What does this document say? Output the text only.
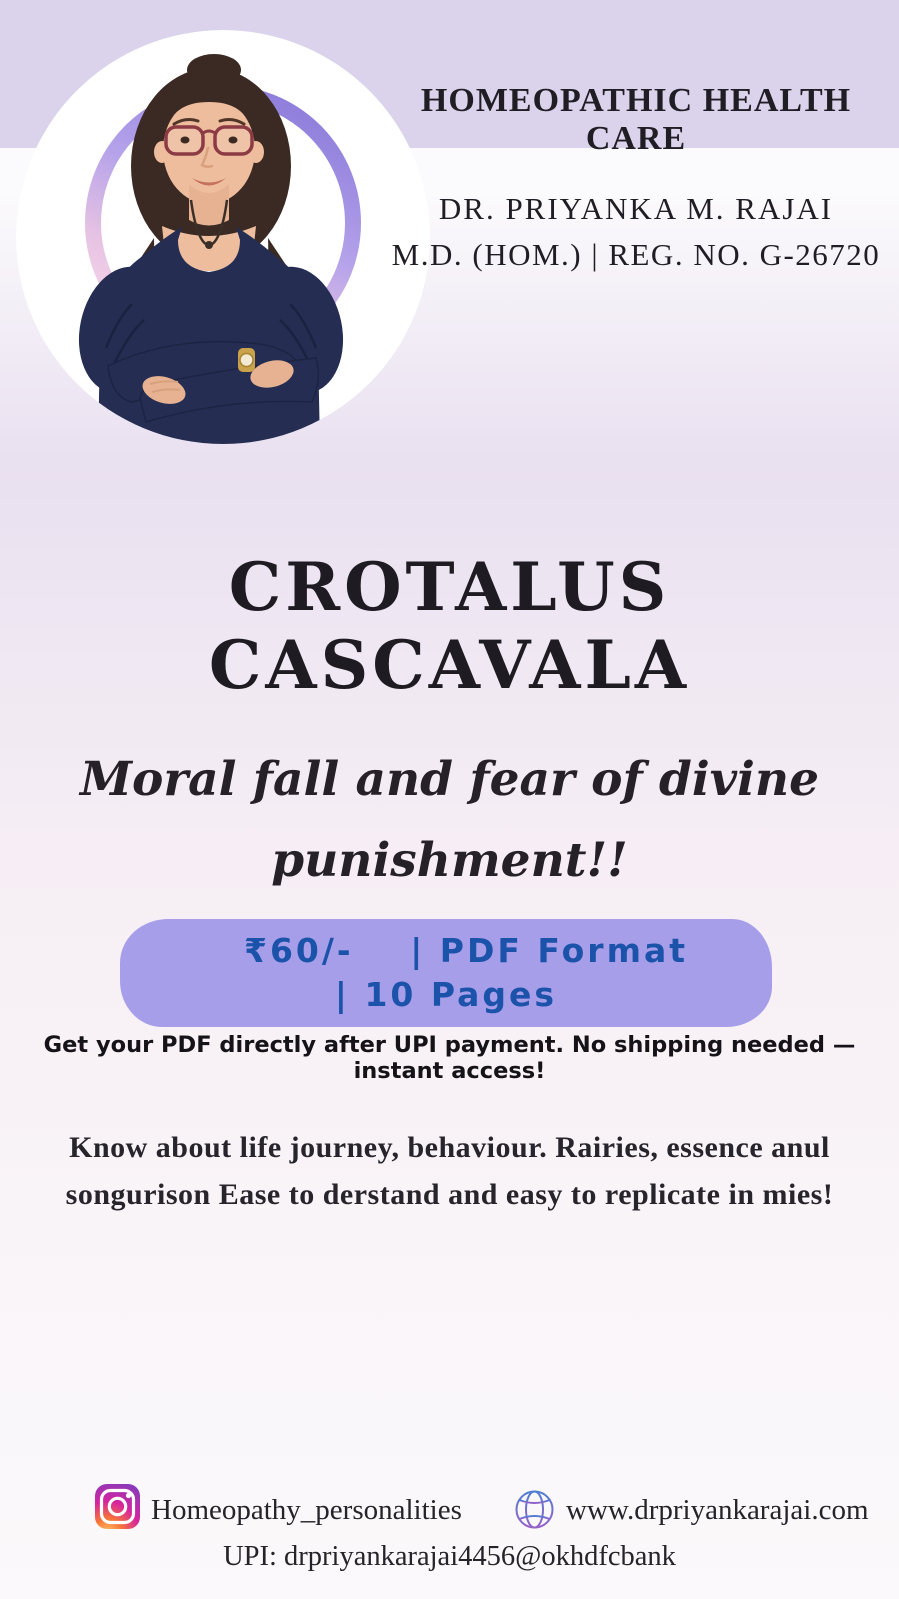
HOMEOPATHIC HEALTH CARE
DR. PRIYANKA M. RAJAI
M.D. (HOM.) | REG. NO. G-26720
CROTALUS
CASCAVALA
Moral fall and fear of divine
punishment!!
₹60/- | PDF Format
| 10 Pages
Get your PDF directly after UPI payment. No shipping needed — instant access!
Know about life journey, behaviour. Rairies, essence anul
songurison Ease to derstand and easy to replicate in mies!
Homeopathy_personalities	www.drpriyankarajai.com
UPI: drpriyankarajai4456@okhdfcbank
